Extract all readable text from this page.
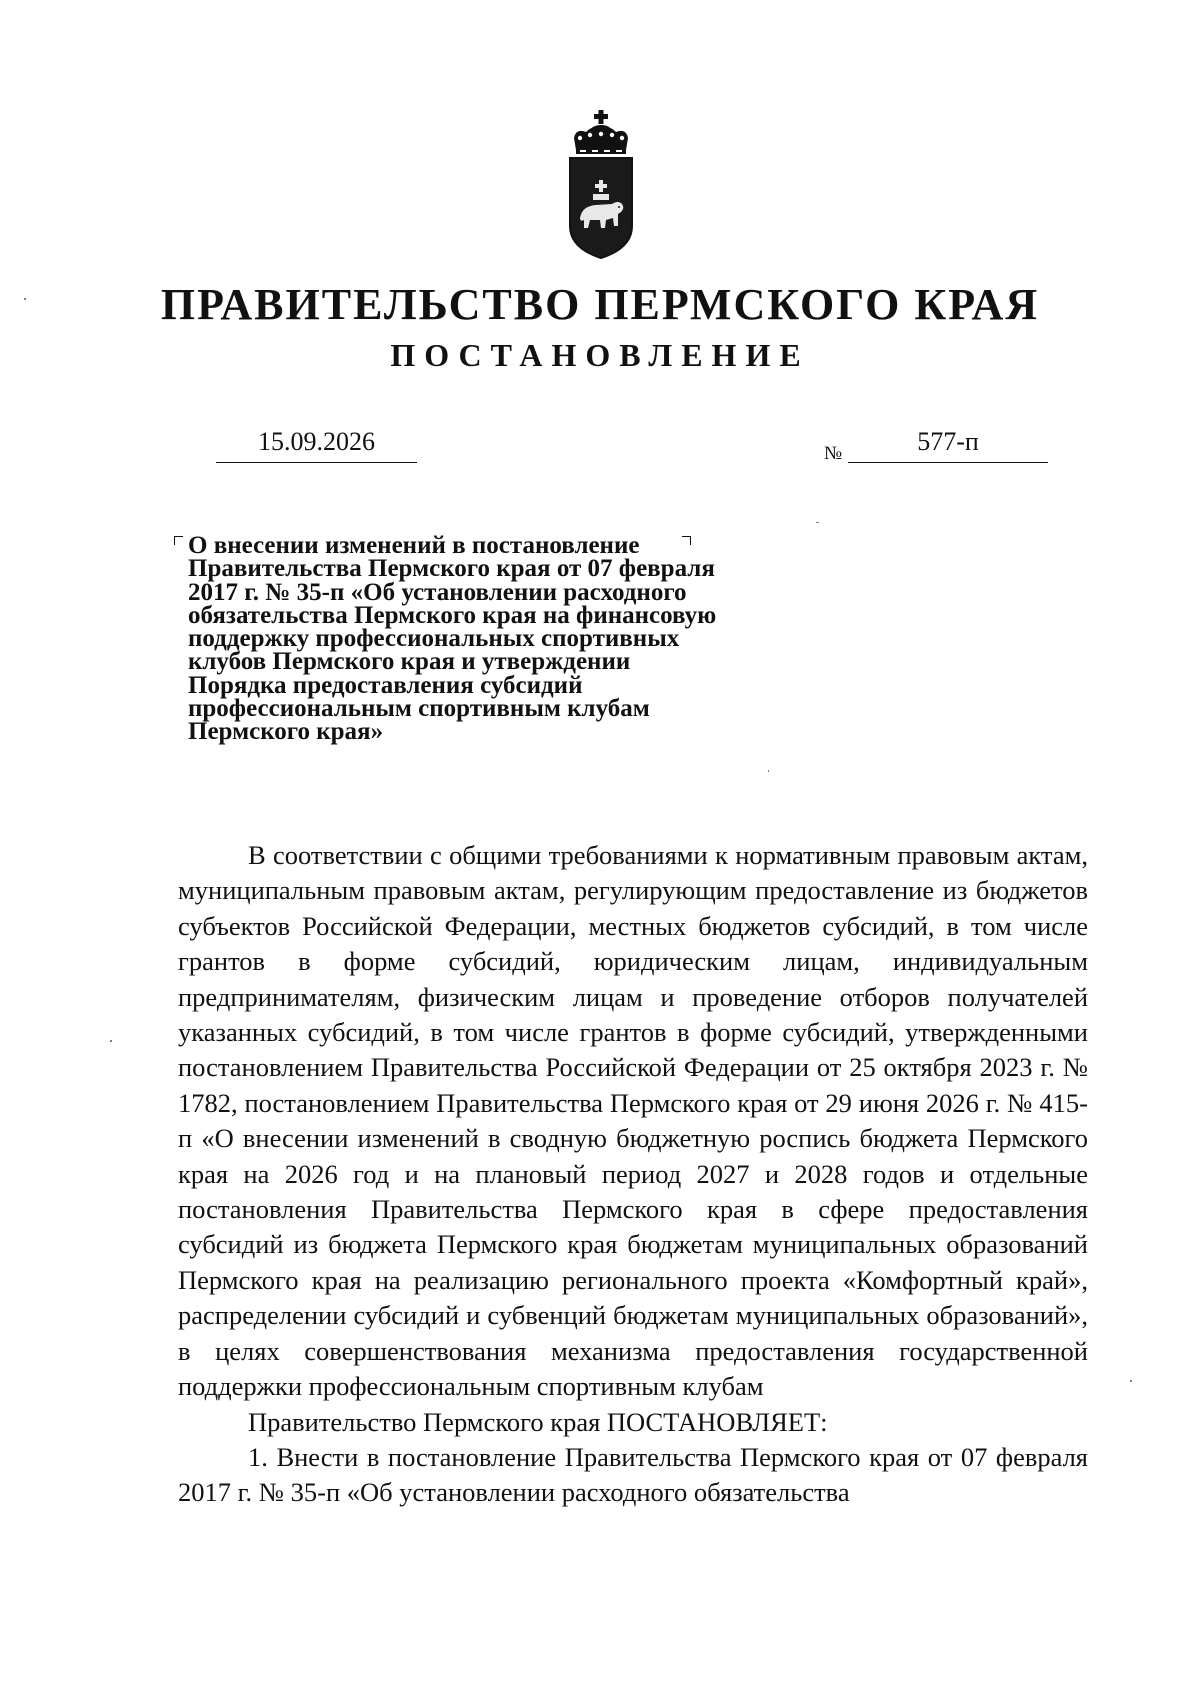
ПРАВИТЕЛЬСТВО ПЕРМСКОГО КРАЯ
ПОСТАНОВЛЕНИЕ
15.09.2026	№	577-п
О внесении изменений в постановление
Правительства Пермского края от 07 февраля
2017 г. № 35-п «Об установлении расходного
обязательства Пермского края на финансовую
поддержку профессиональных спортивных
клубов Пермского края и утверждении
Порядка предоставления субсидий
профессиональным спортивным клубам
Пермского края»

В соответствии с общими требованиями к нормативным правовым актам, муниципальным правовым актам, регулирующим предоставление из бюджетов субъектов Российской Федерации, местных бюджетов субсидий, в том числе грантов в форме субсидий, юридическим лицам, индивидуальным предпринимателям, физическим лицам и проведение отборов получателей указанных субсидий, в том числе грантов в форме субсидий, утвержденными постановлением Правительства Российской Федерации от 25 октября 2023 г. № 1782, постановлением Правительства Пермского края от 29 июня 2026 г. № 415-п «О внесении изменений в сводную бюджетную роспись бюджета Пермского края на 2026 год и на плановый период 2027 и 2028 годов и отдельные постановления Правительства Пермского края в сфере предоставления субсидий из бюджета Пермского края бюджетам муниципальных образований Пермского края на реализацию регионального проекта «Комфортный край», распределении субсидий и субвенций бюджетам муниципальных образований», в целях совершенствования механизма предоставления государственной поддержки профессиональным спортивным клубам

Правительство Пермского края ПОСТАНОВЛЯЕТ:

1. Внести в постановление Правительства Пермского края от 07 февраля 2017 г. № 35-п «Об установлении расходного обязательства
